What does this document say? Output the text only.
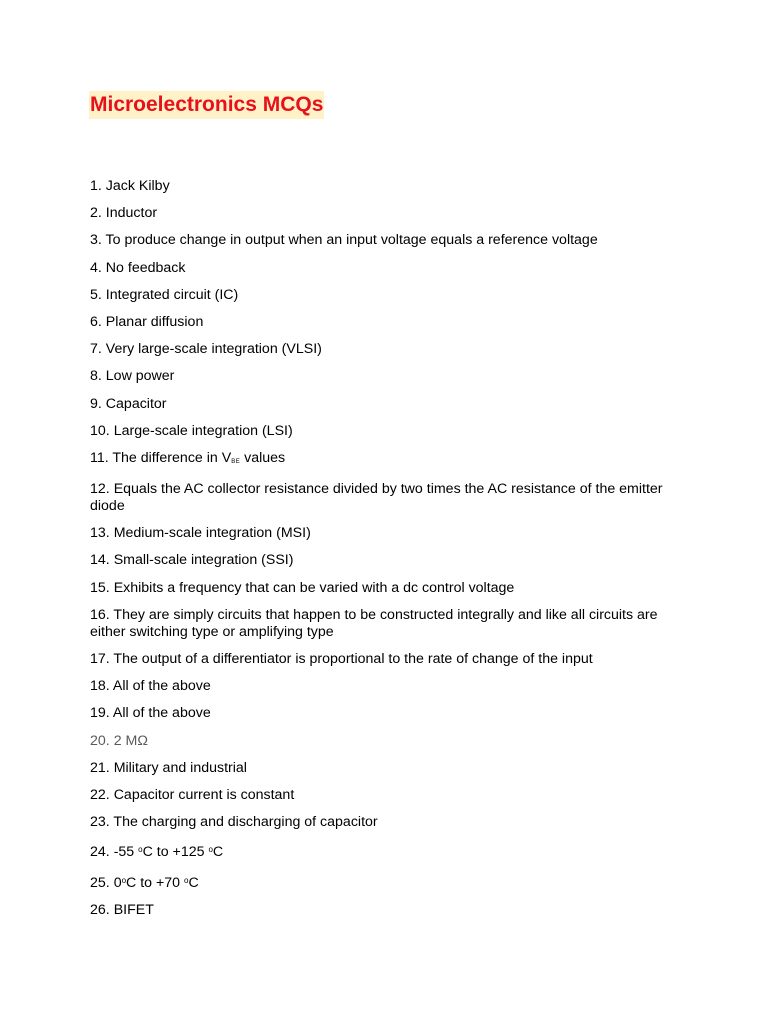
Microelectronics MCQs
1. Jack Kilby
2. Inductor
3. To produce change in output when an input voltage equals a reference voltage
4. No feedback
5. Integrated circuit (IC)
6. Planar diffusion
7. Very large-scale integration (VLSI)
8. Low power
9. Capacitor
10. Large-scale integration (LSI)
11. The difference in VBE values
12. Equals the AC collector resistance divided by two times the AC resistance of the emitter diode
13. Medium-scale integration (MSI)
14. Small-scale integration (SSI)
15. Exhibits a frequency that can be varied with a dc control voltage
16. They are simply circuits that happen to be constructed integrally and like all circuits are either switching type or amplifying type
17. The output of a differentiator is proportional to the rate of change of the input
18. All of the above
19. All of the above
20. 2 MΩ
21. Military and industrial
22. Capacitor current is constant
23. The charging and discharging of capacitor
24. -55 $^o$C to +125 $^o$C
25. 0$^o$C to +70 $^o$C
26. BIFET
